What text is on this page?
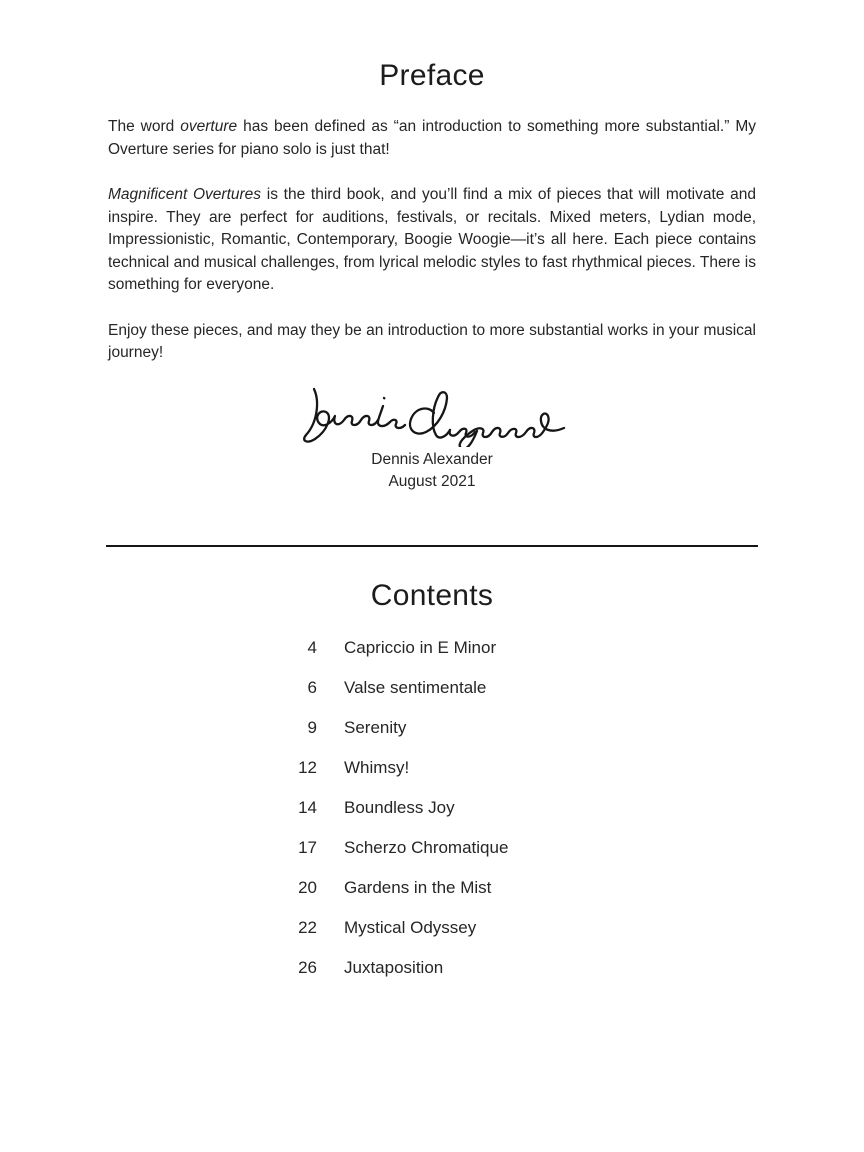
Preface

The word overture has been defined as “an introduction to something more substantial.” My Overture series for piano solo is just that!

Magnificent Overtures is the third book, and you’ll find a mix of pieces that will motivate and inspire. They are perfect for auditions, festivals, or recitals. Mixed meters, Lydian mode, Impressionistic, Romantic, Contemporary, Boogie Woogie—it’s all here. Each piece contains technical and musical challenges, from lyrical melodic styles to fast rhythmical pieces. There is something for everyone.

Enjoy these pieces, and may they be an introduction to more substantial works in your musical journey!

Dennis Alexander
August 2021
Contents
4 Capriccio in E Minor
6 Valse sentimentale
9 Serenity
12 Whimsy!
14 Boundless Joy
17 Scherzo Chromatique
20 Gardens in the Mist
22 Mystical Odyssey
26 Juxtaposition
